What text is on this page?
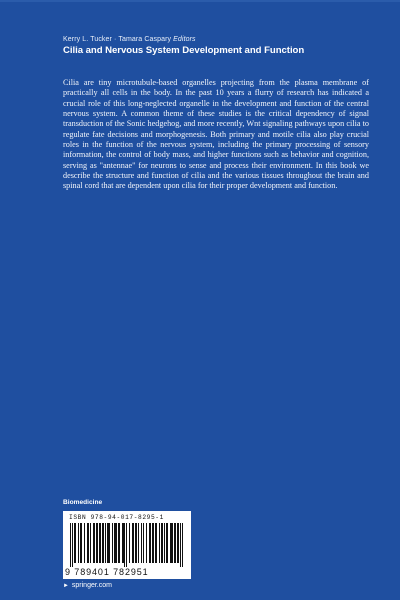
Kerry L. Tucker · Tamara Caspary Editors
Cilia and Nervous System Development and Function
Cilia are tiny microtubule-based organelles projecting from the plasma membrane of practically all cells in the body. In the past 10 years a flurry of research has indicated a crucial role of this long-neglected organelle in the development and function of the central nervous system. A common theme of these studies is the critical dependency of signal transduction of the Sonic hedgehog, and more recently, Wnt signaling pathways upon cilia to regulate fate decisions and morphogenesis. Both primary and motile cilia also play crucial roles in the function of the nervous system, including the primary processing of sensory information, the control of body mass, and higher functions such as behavior and cognition, serving as "antennae" for neurons to sense and process their environment. In this book we describe the structure and function of cilia and the various tissues throughout the brain and spinal cord that are dependent upon cilia for their proper development and function.
Biomedicine
ISBN 978-94-017-8295-1
9 789401 782951
► springer.com
